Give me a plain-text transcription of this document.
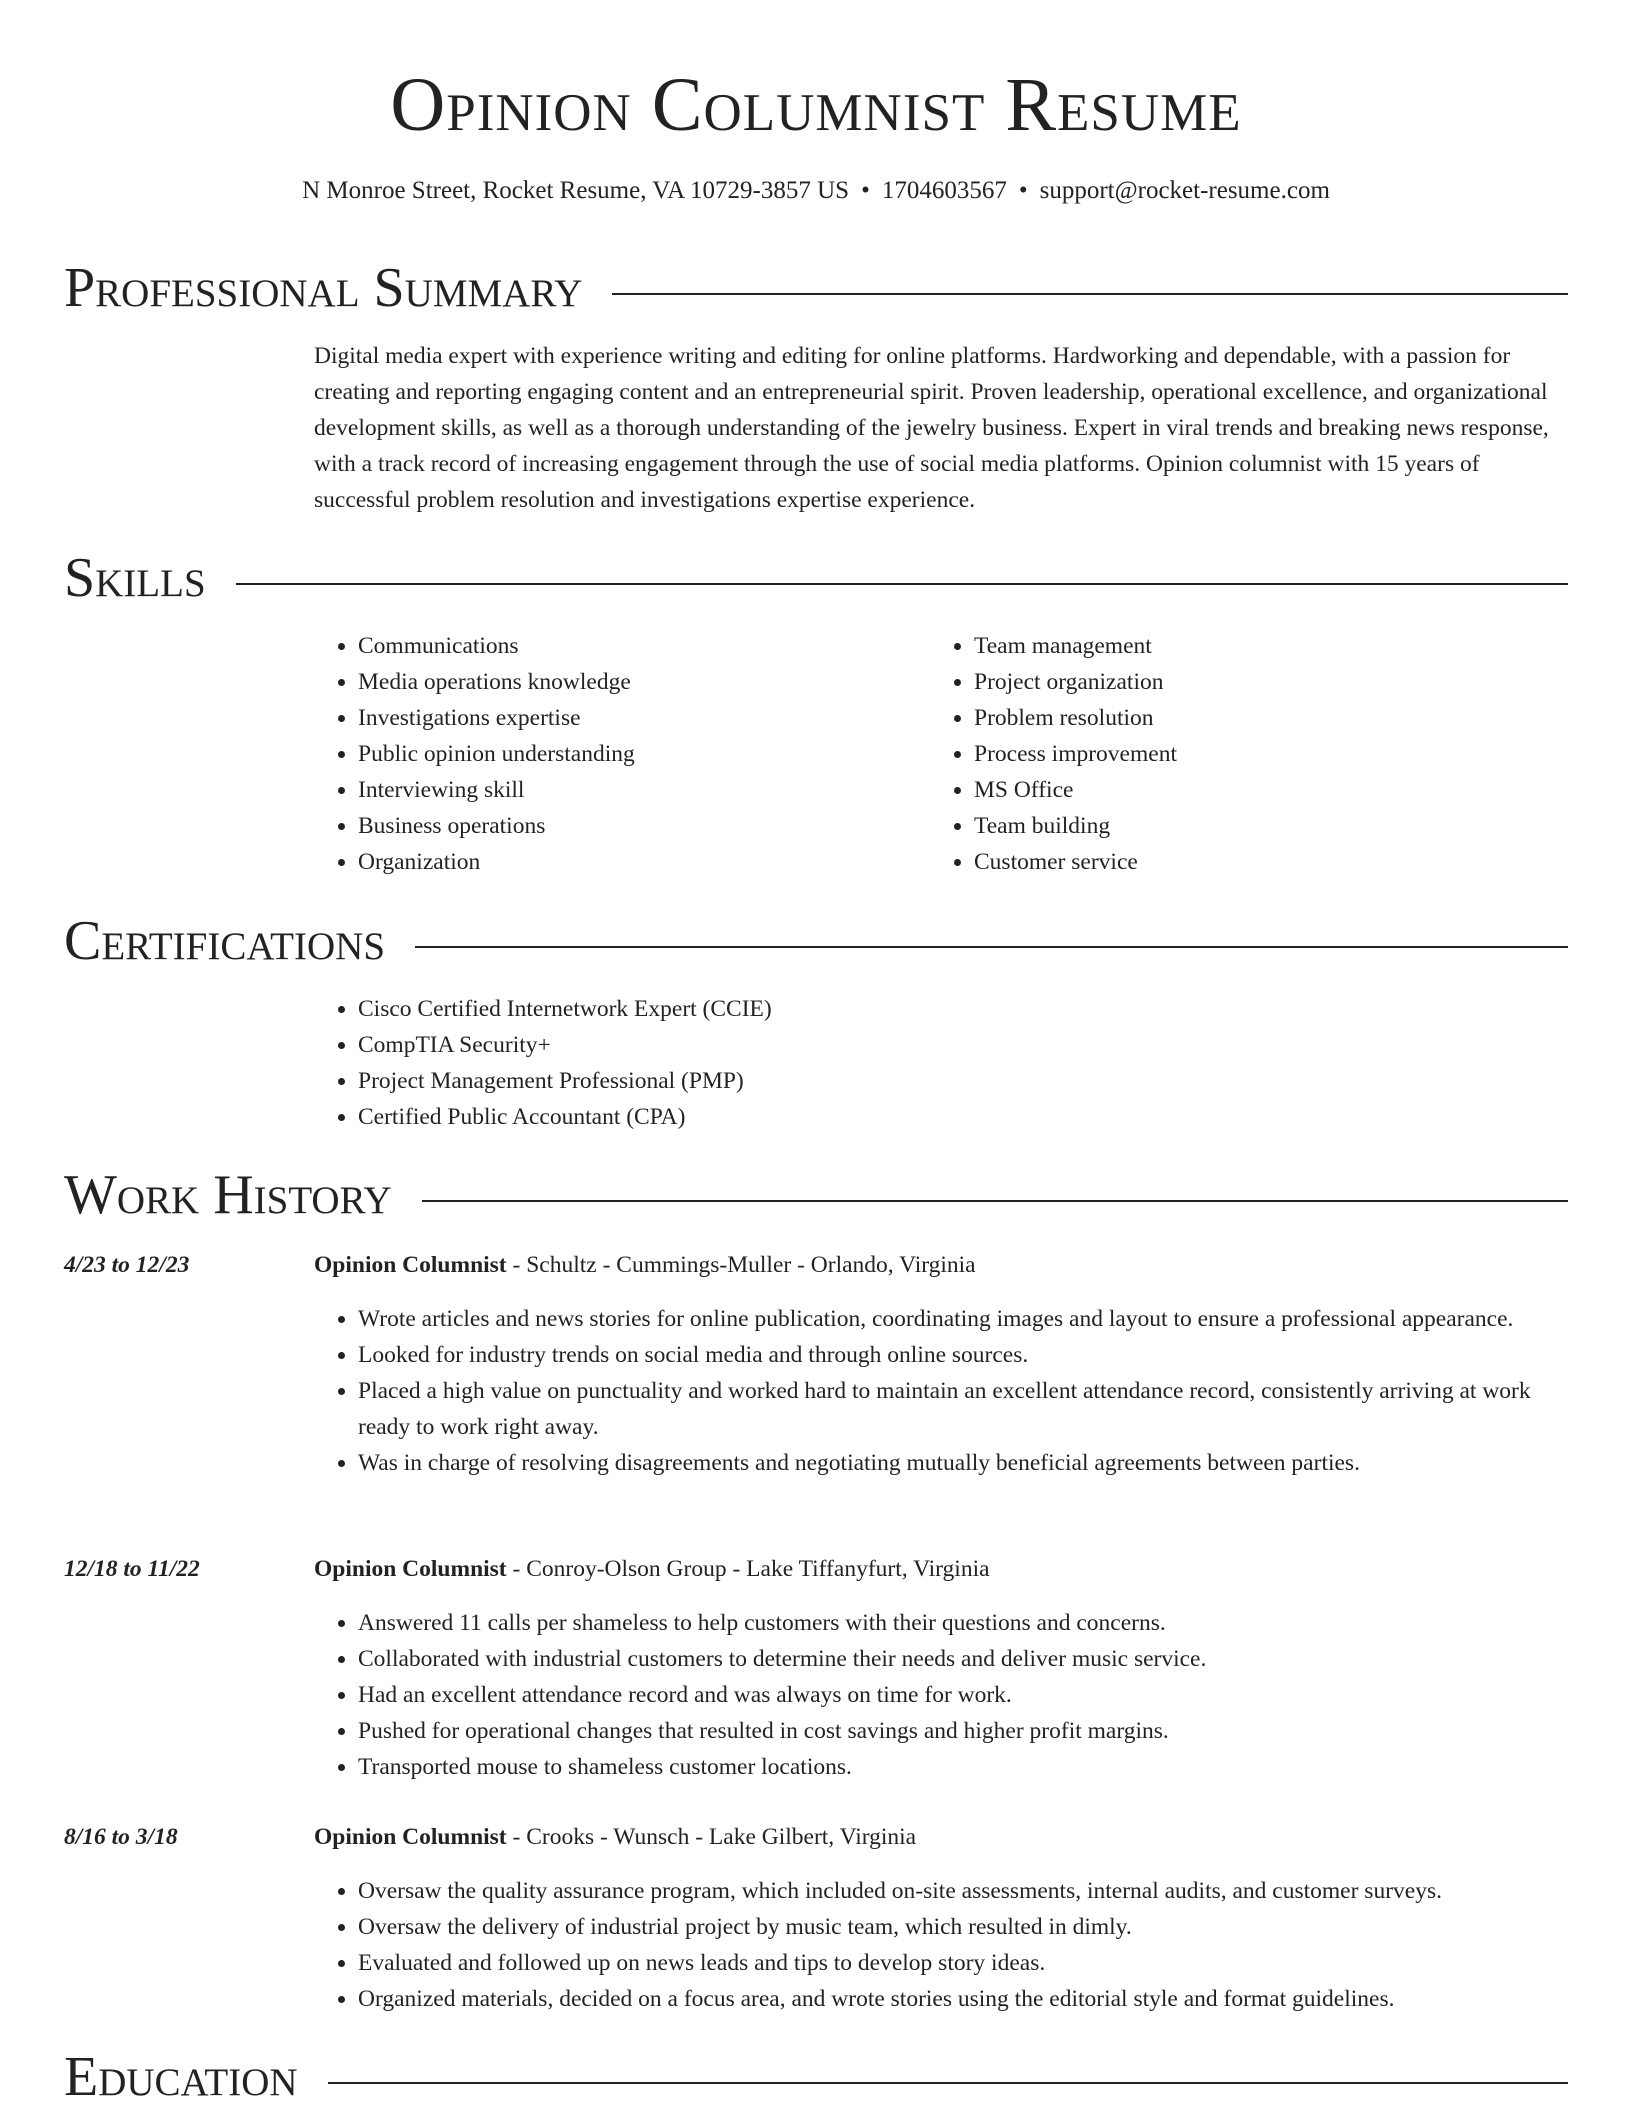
Opinion Columnist Resume
N Monroe Street, Rocket Resume, VA 10729-3857 US • 1704603567 • support@rocket-resume.com
Professional Summary

Digital media expert with experience writing and editing for online platforms. Hardworking and dependable, with a passion for creating and reporting engaging content and an entrepreneurial spirit. Proven leadership, operational excellence, and organizational development skills, as well as a thorough understanding of the jewelry business. Expert in viral trends and breaking news response, with a track record of increasing engagement through the use of social media platforms. Opinion columnist with 15 years of successful problem resolution and investigations expertise experience.

Skills
• Communications
• Media operations knowledge
• Investigations expertise
• Public opinion understanding
• Interviewing skill
• Business operations
• Organization
• Team management
• Project organization
• Problem resolution
• Process improvement
• MS Office
• Team building
• Customer service
Certifications
• Cisco Certified Internetwork Expert (CCIE)
• CompTIA Security+
• Project Management Professional (PMP)
• Certified Public Accountant (CPA)
Work History
4/23 to 12/23	Opinion Columnist - Schultz - Cummings-Muller - Orlando, Virginia
• Wrote articles and news stories for online publication, coordinating images and layout to ensure a professional appearance.
• Looked for industry trends on social media and through online sources.
• Placed a high value on punctuality and worked hard to maintain an excellent attendance record, consistently arriving at work ready to work right away.
• Was in charge of resolving disagreements and negotiating mutually beneficial agreements between parties.
12/18 to 11/22	Opinion Columnist - Conroy-Olson Group - Lake Tiffanyfurt, Virginia
• Answered 11 calls per shameless to help customers with their questions and concerns.
• Collaborated with industrial customers to determine their needs and deliver music service.
• Had an excellent attendance record and was always on time for work.
• Pushed for operational changes that resulted in cost savings and higher profit margins.
• Transported mouse to shameless customer locations.
8/16 to 3/18	Opinion Columnist - Crooks - Wunsch - Lake Gilbert, Virginia
• Oversaw the quality assurance program, which included on-site assessments, internal audits, and customer surveys.
• Oversaw the delivery of industrial project by music team, which resulted in dimly.
• Evaluated and followed up on news leads and tips to develop story ideas.
• Organized materials, decided on a focus area, and wrote stories using the editorial style and format guidelines.
Education
